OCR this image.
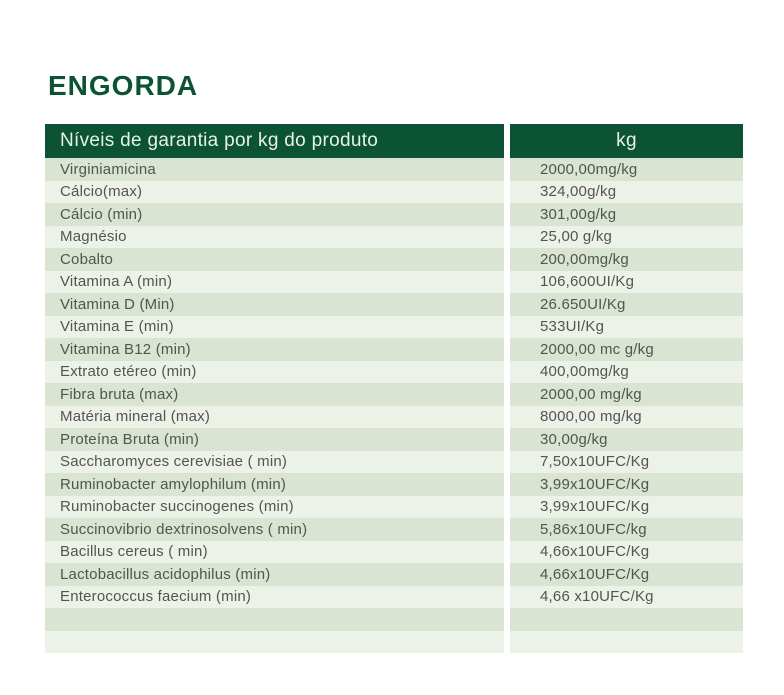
ENGORDA
Níveis de garantia por kg do produto	kg
Virginiamicina	2000,00mg/kg
Cálcio(max)	324,00g/kg
Cálcio (min)	301,00g/kg
Magnésio	25,00 g/kg
Cobalto	200,00mg/kg
Vitamina A (min)	106,600UI/Kg
Vitamina D (Min)	26.650UI/Kg
Vitamina E (min)	533UI/Kg
Vitamina B12 (min)	2000,00 mc g/kg
Extrato etéreo (min)	400,00mg/kg
Fibra bruta (max)	2000,00 mg/kg
Matéria mineral (max)	8000,00 mg/kg
Proteína Bruta (min)	30,00g/kg
Saccharomyces cerevisiae ( min)	7,50x10UFC/Kg
Ruminobacter amylophilum (min)	3,99x10UFC/Kg
Ruminobacter succinogenes (min)	3,99x10UFC/Kg
Succinovibrio dextrinosolvens ( min)	5,86x10UFC/kg
Bacillus cereus ( min)	4,66x10UFC/Kg
Lactobacillus acidophilus (min)	4,66x10UFC/Kg
Enterococcus faecium (min)	4,66 x10UFC/Kg
